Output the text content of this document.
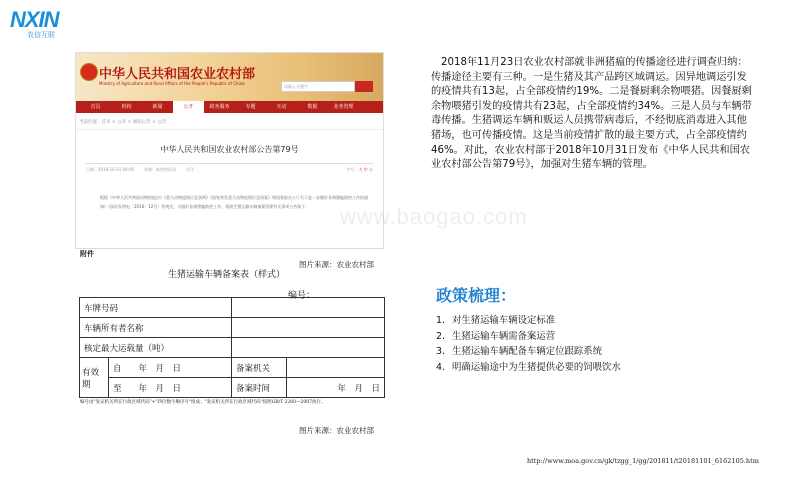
NXIN
农信互联
中华人民共和国农业农村部
Ministry of Agriculture and Rural Affairs of the People's Republic of China
请输入关键字
首页	机构	新闻	公开	政务服务	专题	互动	数据	业务管理
当前位置：首页 > 公开 > 通知公告 > 公告
中华人民共和国农业农村部公告第79号
日期：2018-10-31 09:00	来源：畜牧兽医局	打印	字号：大 中 小
根据《中华人民共和国动物防疫法》《重大动物疫情应急条例》《国家突发重大动物疫情应急预案》和国务院办公厅关于进一步做好非洲猪瘟防控工作的通知》（国办发明电〔2018〕12号）等规定，为做好非洲猪瘟防控工作，现就生猪运输车辆备案管理有关事项公告如下：
附件
图片来源：农业农村部
生猪运输车辆备案表（样式）
编号：
车牌号码			
车辆所有者名称			
核定最大运载量（吨）			
有效期	自　　 年　月　日	备案机关	
	至　　 年　月　日	备案时间	年　月　日
编号由"发证机关所在行政区域代码"+"四位数字顺序号"组成；"发证机关所在行政区域代码"按照GB/T 2260—2007执行。
图片来源：农业农村部
2018年11月23日农业农村部就非洲猪瘟的传播途径进行调查归纳：传播途径主要有三种。一是生猪及其产品跨区域调运。因异地调运引发的疫情共有13起，占全部疫情约19%。二是餐厨剩余物喂猪。因餐厨剩余物喂猪引发的疫情共有23起，占全部疫情约34%。三是人员与车辆带毒传播。生猪调运车辆和贩运人员携带病毒后，不经彻底消毒进入其他猪场，也可传播疫情。这是当前疫情扩散的最主要方式，占全部疫情约46%。对此，农业农村部于2018年10月31日发布《中华人民共和国农业农村部公告第79号》，加强对生猪车辆的管理。
www.baogao.com
政策梳理：
1. 对生猪运输车辆设定标准
2. 生猪运输车辆需备案运营
3. 生猪运输车辆配备车辆定位跟踪系统
4. 明确运输途中为生猪提供必要的饲喂饮水
http://www.moa.gov.cn/gk/tzgg_1/gg/201811/t20181101_6162105.htm
